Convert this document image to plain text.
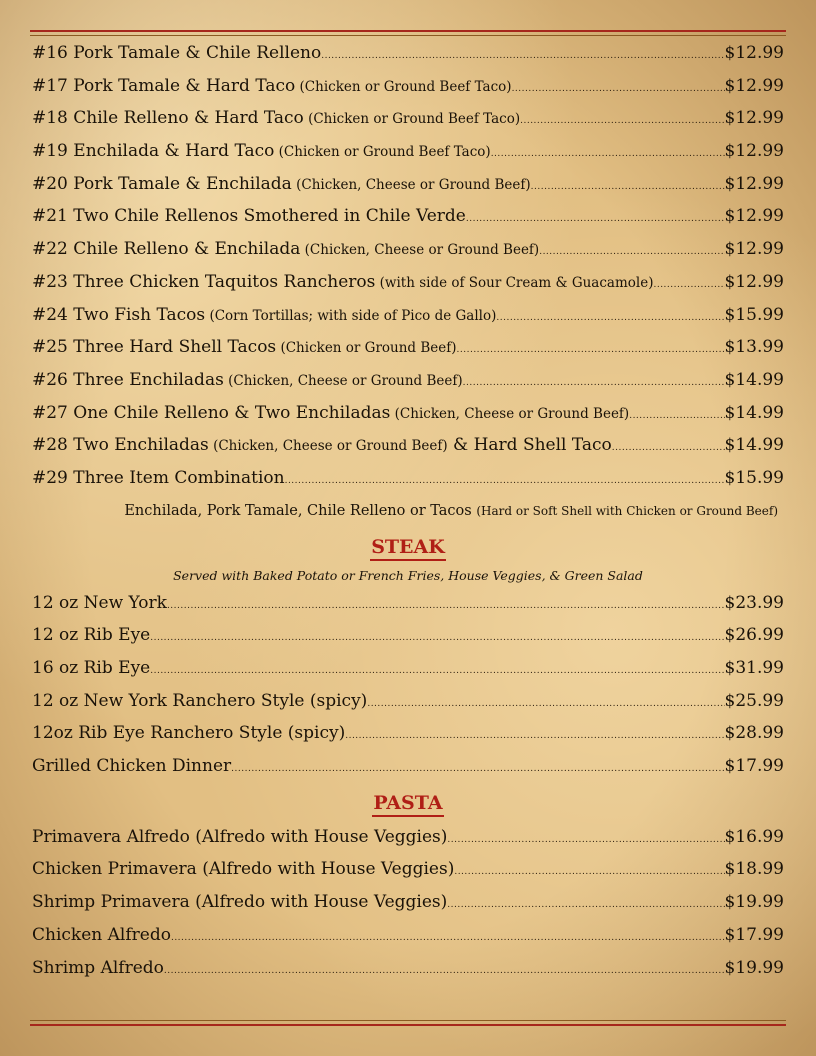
#16 Pork Tamale & Chile Relleno .....	$12.99
#17 Pork Tamale & Hard Taco (Chicken or Ground Beef Taco) .....	$12.99
#18 Chile Relleno & Hard Taco (Chicken or Ground Beef Taco) .....	$12.99
#19 Enchilada & Hard Taco (Chicken or Ground Beef Taco) .....	$12.99
#20 Pork Tamale & Enchilada (Chicken, Cheese or Ground Beef) .....	$12.99
#21 Two Chile Rellenos Smothered in Chile Verde .....	$12.99
#22 Chile Relleno & Enchilada (Chicken, Cheese or Ground Beef) .....	$12.99
#23 Three Chicken Taquitos Rancheros (with side of Sour Cream & Guacamole) .....	$12.99
#24 Two Fish Tacos (Corn Tortillas; with side of Pico de Gallo) .....	$15.99
#25 Three Hard Shell Tacos (Chicken or Ground Beef) .....	$13.99
#26 Three Enchiladas (Chicken, Cheese or Ground Beef) .....	$14.99
#27 One Chile Relleno & Two Enchiladas (Chicken, Cheese or Ground Beef) .....	$14.99
#28 Two Enchiladas (Chicken, Cheese or Ground Beef) & Hard Shell Taco .....	$14.99
#29 Three Item Combination .....	$15.99
Enchilada, Pork Tamale, Chile Relleno or Tacos (Hard or Soft Shell with Chicken or Ground Beef)
STEAK
Served with Baked Potato or French Fries, House Veggies, & Green Salad
12 oz New York .....	$23.99
12 oz Rib Eye .....	$26.99
16 oz Rib Eye .....	$31.99
12 oz New York Ranchero Style (spicy) .....	$25.99
12oz Rib Eye Ranchero Style (spicy) .....	$28.99
Grilled Chicken Dinner .....	$17.99
PASTA
Primavera Alfredo (Alfredo with House Veggies) .....	$16.99
Chicken Primavera (Alfredo with House Veggies) .....	$18.99
Shrimp Primavera (Alfredo with House Veggies) .....	$19.99
Chicken Alfredo .....	$17.99
Shrimp Alfredo .....	$19.99
